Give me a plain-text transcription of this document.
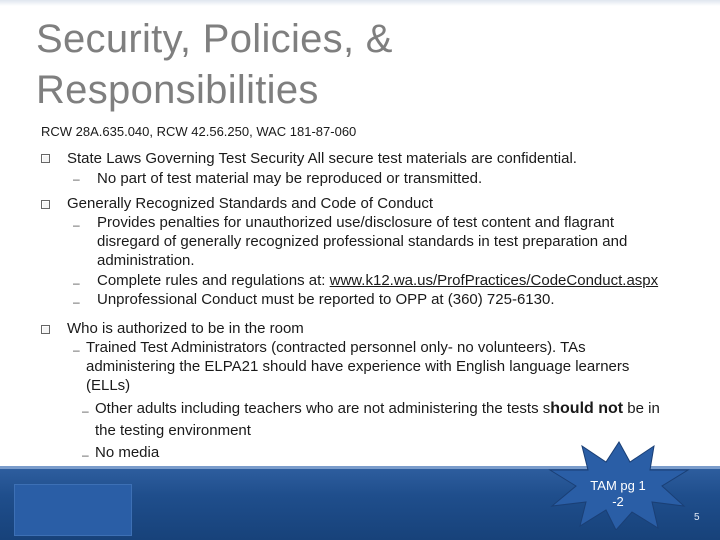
Security, Policies, &
Responsibilities
RCW 28A.635.040, RCW 42.56.250, WAC 181-87-060
State Laws Governing Test Security All secure test materials are confidential.
– No part of test material may be reproduced or transmitted.
Generally Recognized Standards and Code of Conduct
– Provides penalties for unauthorized use/disclosure of test content and flagrant
disregard of generally recognized professional standards in test preparation and
administration.
– Complete rules and regulations at: www.k12.wa.us/ProfPractices/CodeConduct.aspx
– Unprofessional Conduct must be reported to OPP at (360) 725-6130.
Who is authorized to be in the room
– Trained Test Administrators (contracted personnel only- no volunteers). TAs
administering the ELPA21 should have experience with English language learners
(ELLs)
– Other adults including teachers who are not administering the tests should not be in
the testing environment
– No media
TAM pg 1
-2
5
